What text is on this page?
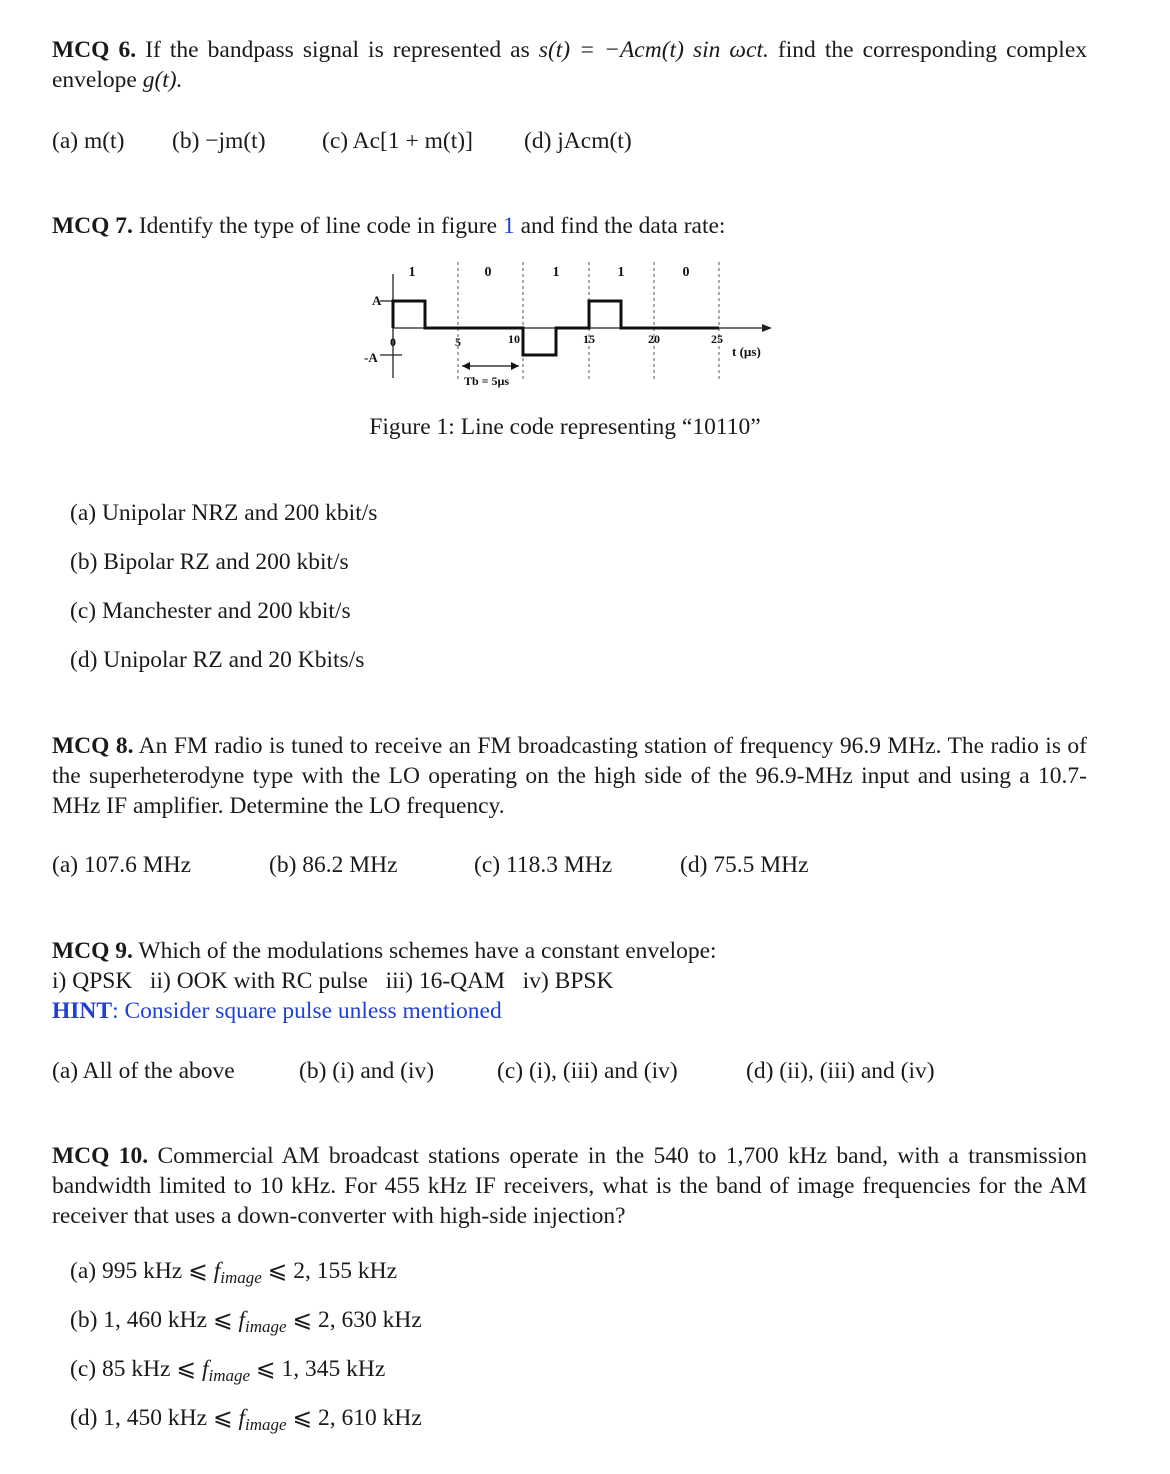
MCQ 6. If the bandpass signal is represented as s(t) = −Acm(t) sin ωct. find the corresponding complex envelope g(t).
(a) m(t) (b) −jm(t) (c) Ac[1 + m(t)] (d) jAcm(t)
MCQ 7. Identify the type of line code in figure 1 and find the data rate:
1	0	1	1	0
A
-A
0	5	10	15	20	25
t (µs)
Tb = 5µs
Figure 1: Line code representing “10110”
(a) Unipolar NRZ and 200 kbit/s
(b) Bipolar RZ and 200 kbit/s
(c) Manchester and 200 kbit/s
(d) Unipolar RZ and 20 Kbits/s
MCQ 8. An FM radio is tuned to receive an FM broadcasting station of frequency 96.9 MHz. The radio is of the superheterodyne type with the LO operating on the high side of the 96.9-MHz input and using a 10.7-MHz IF amplifier. Determine the LO frequency.
(a) 107.6 MHz	(b) 86.2 MHz	(c) 118.3 MHz	(d) 75.5 MHz
MCQ 9. Which of the modulations schemes have a constant envelope:
i) QPSK   ii) OOK with RC pulse   iii) 16-QAM   iv) BPSK
HINT: Consider square pulse unless mentioned
(a) All of the above	(b) (i) and (iv)	(c) (i), (iii) and (iv)	(d) (ii), (iii) and (iv)
MCQ 10. Commercial AM broadcast stations operate in the 540 to 1,700 kHz band, with a transmission bandwidth limited to 10 kHz. For 455 kHz IF receivers, what is the band of image frequencies for the AM receiver that uses a down-converter with high-side injection?
(a) 995 kHz ⩽ $f_{image}$ ⩽ 2, 155 kHz
(b) 1, 460 kHz ⩽ $f_{image}$ ⩽ 2, 630 kHz
(c) 85 kHz ⩽ $f_{image}$ ⩽ 1, 345 kHz
(d) 1, 450 kHz ⩽ $f_{image}$ ⩽ 2, 610 kHz
